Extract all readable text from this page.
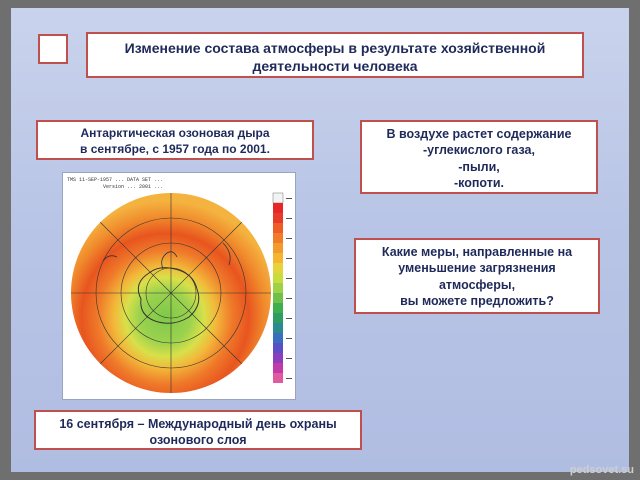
Изменение состава атмосферы в результате хозяйственной
деятельности человека
Антарктическая озоновая дыра
в сентябре, с 1957 года по 2001.
В воздухе растет содержание
-углекислого газа,
-пыли,
-копоти.
Какие меры, направленные на
уменьшение загрязнения
атмосферы,
вы можете предложить?
TMS 11-SEP-1957 ... DATA SET ...
Version ... 2001 ...
16 сентября – Международный день охраны
озонового слоя
pedsovet.su
